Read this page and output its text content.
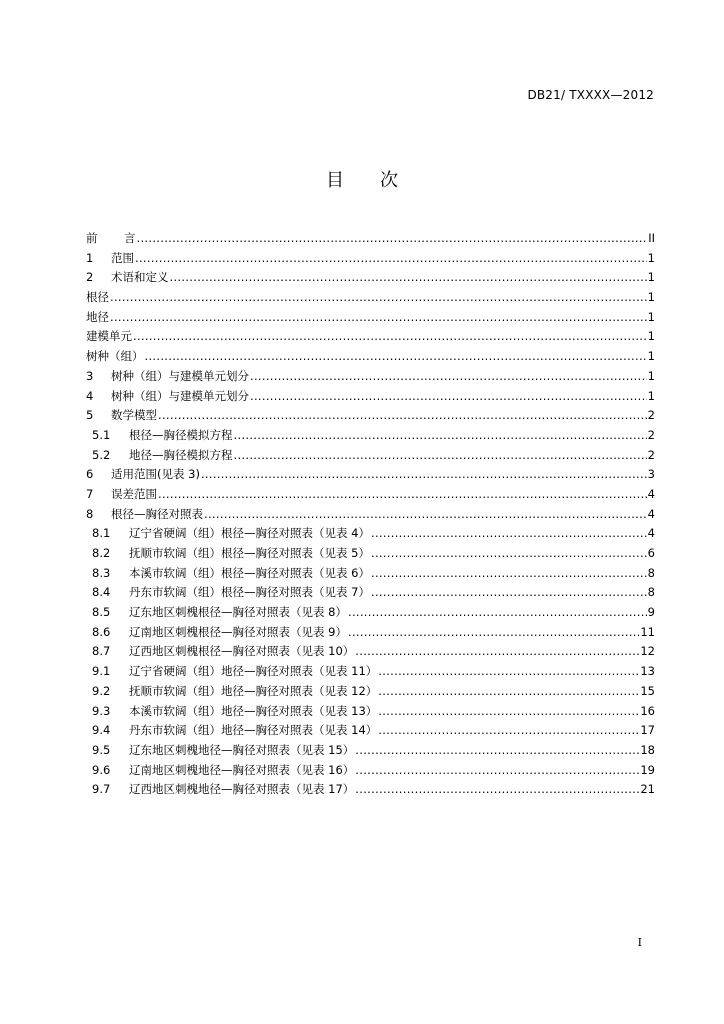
DB21/ TXXXX—2012
目 次
前	言 .....	II
1	范围 .....	1
2	术语和定义 .....	1
根径 .....	1
地径 .....	1
建模单元 .....	1
树种（组） .....	1
3	树种（组）与建模单元划分 .....	1
4	树种（组）与建模单元划分 .....	1
5	数学模型 .....	2
5.1	根径—胸径模拟方程 .....	2
5.2	地径—胸径模拟方程 .....	2
6	适用范围(见表 3) .....	3
7	误差范围 .....	4
8	根径—胸径对照表 .....	4
8.1	辽宁省硬阔（组）根径—胸径对照表（见表 4） .....	4
8.2	抚顺市软阔（组）根径—胸径对照表（见表 5） .....	6
8.3	本溪市软阔（组）根径—胸径对照表（见表 6） .....	8
8.4	丹东市软阔（组）根径—胸径对照表（见表 7） .....	8
8.5	辽东地区刺槐根径—胸径对照表（见表 8） .....	9
8.6	辽南地区刺槐根径—胸径对照表（见表 9） .....	11
8.7	辽西地区刺槐根径—胸径对照表（见表 10） .....	12
9.1	辽宁省硬阔（组）地径—胸径对照表（见表 11） .....	13
9.2	抚顺市软阔（组）地径—胸径对照表（见表 12） .....	15
9.3	本溪市软阔（组）地径—胸径对照表（见表 13） .....	16
9.4	丹东市软阔（组）地径—胸径对照表（见表 14） .....	17
9.5	辽东地区刺槐地径—胸径对照表（见表 15） .....	18
9.6	辽南地区刺槐地径—胸径对照表（见表 16） .....	19
9.7	辽西地区刺槐地径—胸径对照表（见表 17） .....	21
I
